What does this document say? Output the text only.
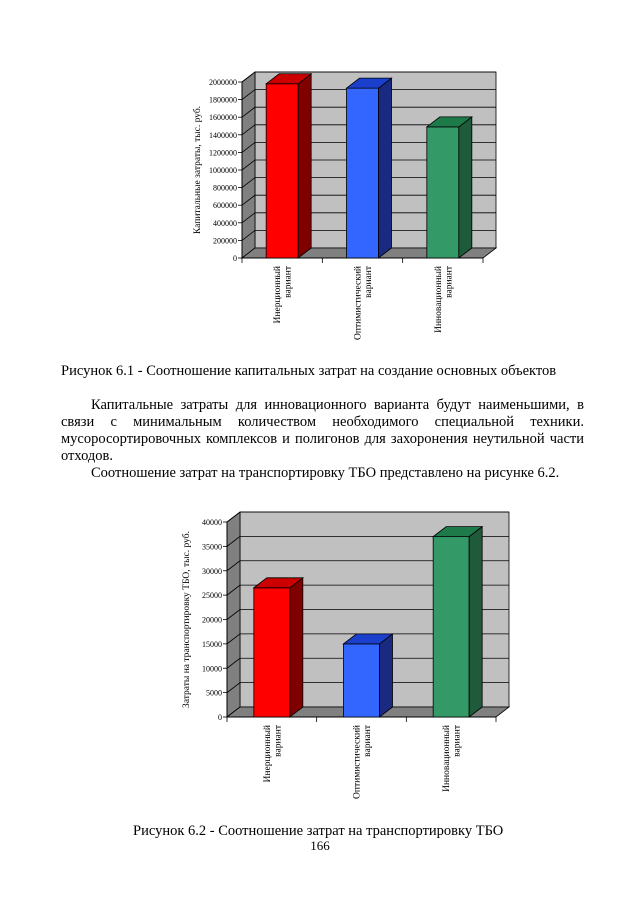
0
200000
400000
600000
800000
1000000
1200000
1400000
1600000
1800000
2000000
Инерционныйвариант	Оптимистическийвариант	Инновационныйвариант
Капитальные затраты, тыс. руб.
Рисунок 6.1 - Соотношение капитальных затрат на создание основных объектов

Капитальные затраты для инновационного варианта будут наименьшими, в связи с минимальным количеством необходимого специальной техники. мусоросортировочных комплексов и полигонов для захоронения неутильной части отходов.

Соотношение затрат на транспортировку ТБО представлено на рисунке 6.2.

0
5000
10000
15000
20000
25000
30000
35000
40000
Инерционныйвариант	Оптимистическийвариант	Инновационныйвариант
Затраты на транспортировку ТБО, тыс. руб.
Рисунок 6.2 - Соотношение затрат на транспортировку ТБО
166
